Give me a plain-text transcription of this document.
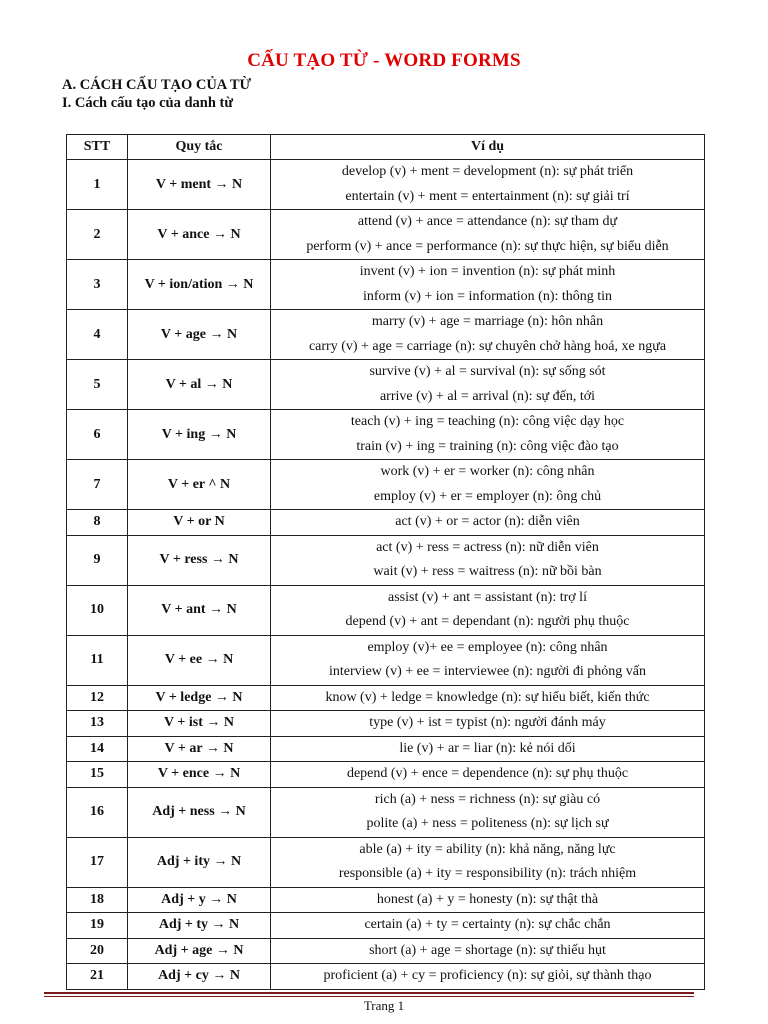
CẤU TẠO TỪ - WORD FORMS
A. CÁCH CẤU TẠO CỦA TỪ
I. Cách cấu tạo của danh từ
STT	Quy tắc	Ví dụ
1	V + ment → N	develop (v) + ment = development (n): sự phát triển
entertain (v) + ment = entertainment (n): sự giải trí

2	V + ance → N	attend (v) + ance = attendance (n): sự tham dự
perform (v) + ance = performance (n): sự thực hiện, sự biểu diễn

3	V + ion/ation → N	invent (v) + ion = invention (n): sự phát minh
inform (v) + ion = information (n): thông tin

4	V + age → N	marry (v) + age = marriage (n): hôn nhân
carry (v) + age = carriage (n): sự chuyên chở hàng hoá, xe ngựa

5	V + al → N	survive (v) + al = survival (n): sự sống sót
arrive (v) + al = arrival (n): sự đến, tới

6	V + ing → N	teach (v) + ing = teaching (n): công việc dạy học
train (v) + ing = training (n): công việc đào tạo

7	V + er ^ N	work (v) + er = worker (n): công nhân
employ (v) + er = employer (n): ông chủ

8	V + or N	act (v) + or = actor (n): diễn viên

9	V + ress → N	act (v) + ress = actress (n): nữ diễn viên
wait (v) + ress = waitress (n): nữ bồi bàn

10	V + ant → N	assist (v) + ant = assistant (n): trợ lí
depend (v) + ant = dependant (n): người phụ thuộc

11	V + ee → N	employ (v)+ ee = employee (n): công nhân
interview (v) + ee = interviewee (n): người đi phỏng vấn

12	V + ledge → N	know (v) + ledge = knowledge (n): sự hiểu biết, kiến thức

13	V + ist → N	type (v) + ist = typist (n): người đánh máy

14	V + ar → N	lie (v) + ar = liar (n): kẻ nói dối

15	V + ence → N	depend (v) + ence = dependence (n): sự phụ thuộc

16	Adj + ness → N	rich (a) + ness = richness (n): sự giàu có
polite (a) + ness = politeness (n): sự lịch sự

17	Adj + ity → N	able (a) + ity = ability (n): khả năng, năng lực
responsible (a) + ity = responsibility (n): trách nhiệm

18	Adj + y → N	honest (a) + y = honesty (n): sự thật thà

19	Adj + ty → N	certain (a) + ty = certainty (n): sự chắc chắn

20	Adj + age → N	short (a) + age = shortage (n): sự thiếu hụt

21	Adj + cy → N	proficient (a) + cy = proficiency (n): sự giỏi, sự thành thạo
Trang 1
